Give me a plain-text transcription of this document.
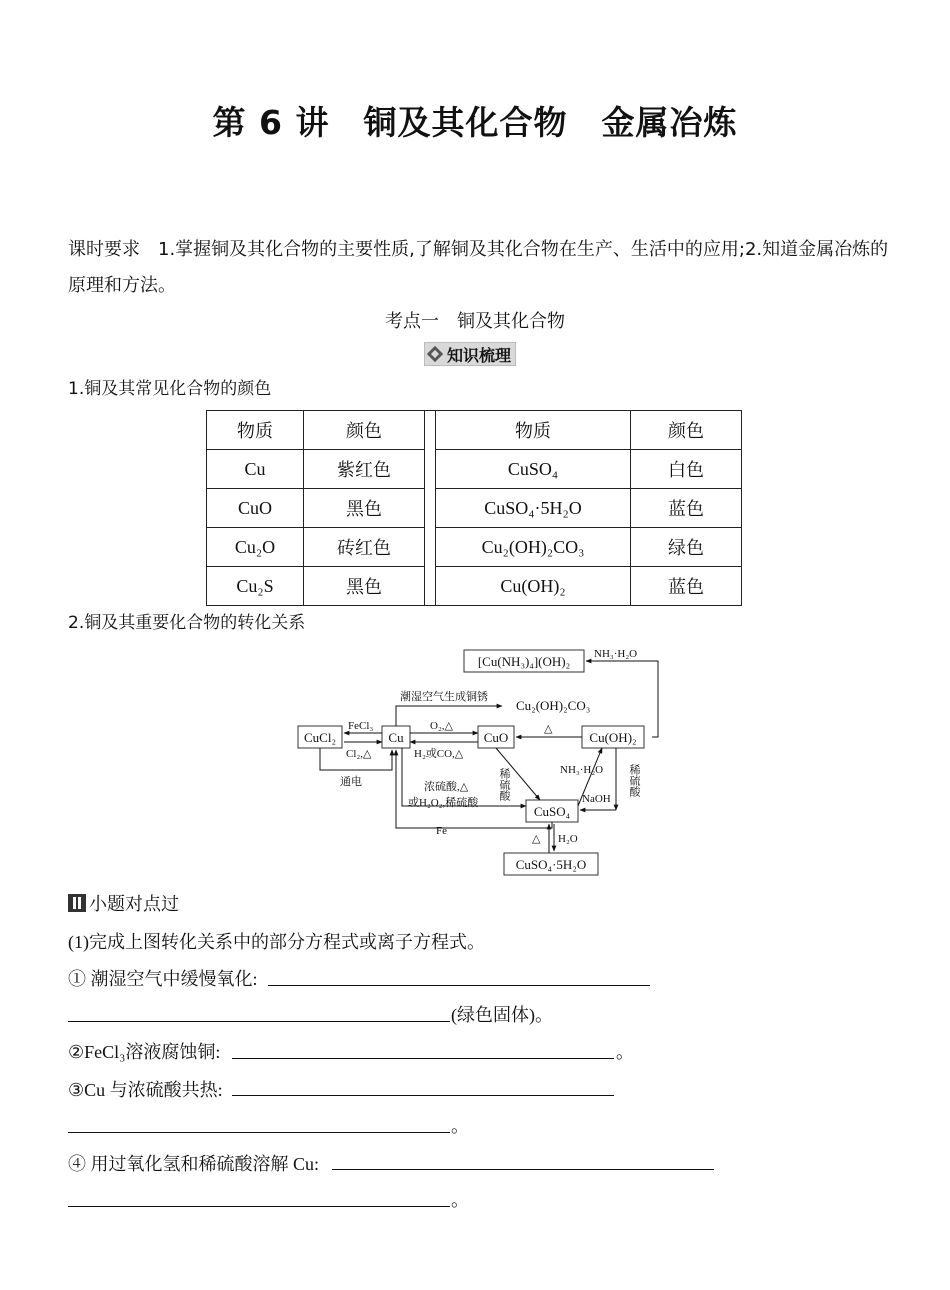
第 6 讲　铜及其化合物　金属冶炼
课时要求 1.掌握铜及其化合物的主要性质,了解铜及其化合物在生产、生活中的应用;2.知道金属冶炼的原理和方法。
考点一　铜及其化合物
知识梳理
1.铜及其常见化合物的颜色
物质	颜色		物质	颜色
Cu	紫红色		CuSO₄	白色
CuO	黑色		CuSO₄·5H₂O	蓝色
Cu₂O	砖红色		Cu₂(OH)₂CO₃	绿色
Cu₂S	黑色		Cu(OH)₂	蓝色
2.铜及其重要化合物的转化关系
[Cu(NH₃)₄](OH)₂
CuCl₂	Cu	CuO	Cu(OH)₂
CuSO₄
CuSO₄·5H₂O
Cu₂(OH)₂CO₃
NH₃·H₂O
潮湿空气生成铜锈
FeCl₃
Cl₂,△
O₂,△
H₂或CO,△
△
通电	浓硫酸,△
或H₂O₂,稀硫酸
Fe
NH₃·H₂O
NaOH
△ H₂O
稀硫酸	稀硫酸
小题对点过
(1)完成上图转化关系中的部分方程式或离子方程式。
① 潮湿空气中缓慢氧化:
(绿色固体)。
②FeCl₃溶液腐蚀铜:	。
③Cu 与浓硫酸共热:
。
④ 用过氧化氢和稀硫酸溶解 Cu:
。
